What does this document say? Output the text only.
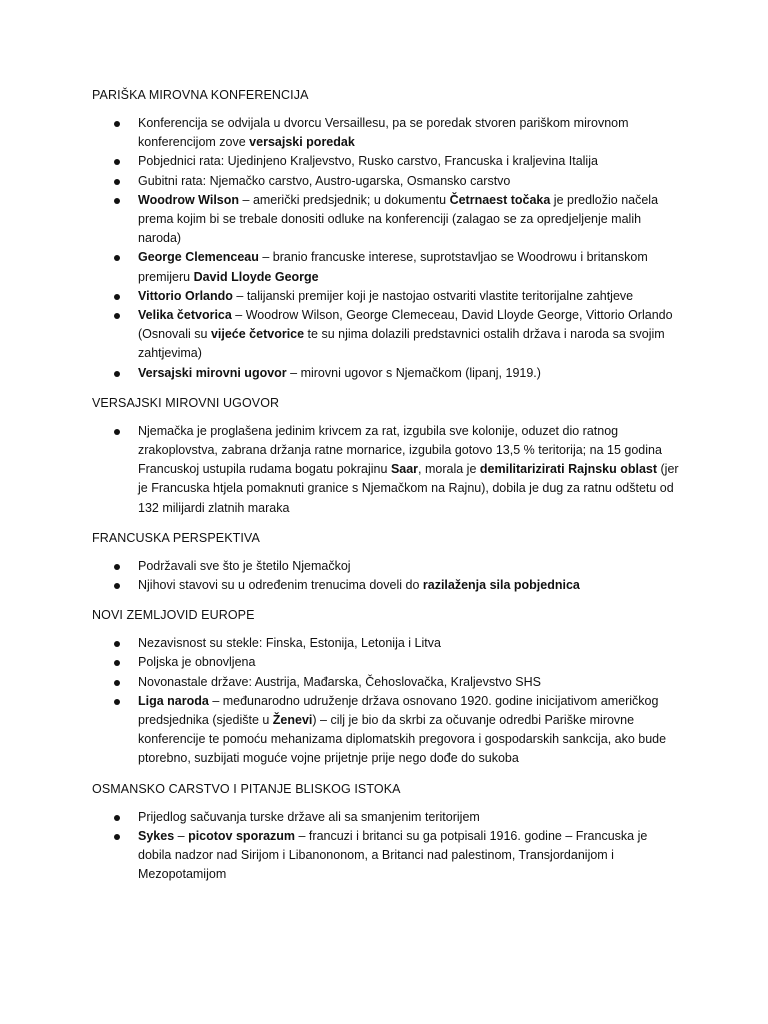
PARIŠKA MIROVNA KONFERENCIJA
Konferencija se odvijala u dvorcu Versaillesu, pa se poredak stvoren pariškom mirovnom konferencijom zove versajski poredak
Pobjednici rata: Ujedinjeno Kraljevstvo, Rusko carstvo, Francuska i kraljevina Italija
Gubitni rata: Njemačko carstvo, Austro-ugarska, Osmansko carstvo
Woodrow Wilson – američki predsjednik; u dokumentu Četrnaest točaka je predložio načela prema kojim bi se trebale donositi odluke na konferenciji (zalagao se za opredjeljenje malih naroda)
George Clemenceau – branio francuske interese, suprotstavljao se Woodrowu i britanskom premijeru David Lloyde George
Vittorio Orlando – talijanski premijer koji je nastojao ostvariti vlastite teritorijalne zahtjeve
Velika četvorica – Woodrow Wilson, George Clemeceau, David Lloyde George, Vittorio Orlando (Osnovali su vijeće četvorice te su njima dolazili predstavnici ostalih država i naroda sa svojim zahtjevima)
Versajski mirovni ugovor – mirovni ugovor s Njemačkom (lipanj, 1919.)
VERSAJSKI MIROVNI UGOVOR
Njemačka je proglašena jedinim krivcem za rat, izgubila sve kolonije, oduzet dio ratnog zrakoplovstva, zabrana držanja ratne mornarice, izgubila gotovo 13,5 % teritorija; na 15 godina Francuskoj ustupila rudama bogatu pokrajinu Saar, morala je demilitarizirati Rajnsku oblast (jer je Francuska htjela pomaknuti granice s Njemačkom na Rajnu), dobila je dug za ratnu odštetu od 132 milijardi zlatnih maraka
FRANCUSKA PERSPEKTIVA
Podržavali sve što je štetilo Njemačkoj
Njihovi stavovi su u određenim trenucima doveli do razilaženja sila pobjednica
NOVI ZEMLJOVID EUROPE
Nezavisnost su stekle: Finska, Estonija, Letonija i Litva
Poljska je obnovljena
Novonastale države: Austrija, Mađarska, Čehoslovačka, Kraljevstvo SHS
Liga naroda – međunarodno udruženje država osnovano 1920. godine inicijativom američkog predsjednika (sjedište u Ženevi) – cilj je bio da skrbi za očuvanje odredbi Pariške mirovne konferencije te pomoću mehanizama diplomatskih pregovora i gospodarskih sankcija, ako bude ptorebno, suzbijati moguće vojne prijetnje prije nego dođe do sukoba
OSMANSKO CARSTVO I PITANJE BLISKOG ISTOKA
Prijedlog sačuvanja turske države ali sa smanjenim teritorijem
Sykes – picotov sporazum – francuzi i britanci su ga potpisali 1916. godine – Francuska je dobila nadzor nad Sirijom i Libanononom, a Britanci nad palestinom, Transjordanijom i Mezopotamijom
